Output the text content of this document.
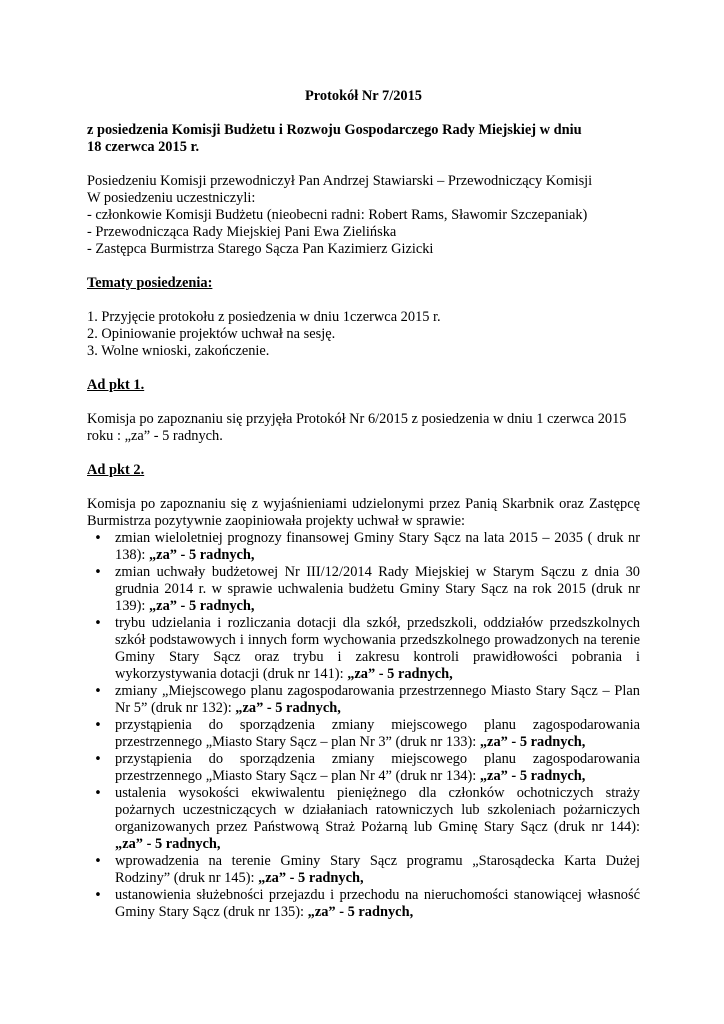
Protokół Nr 7/2015

z posiedzenia Komisji Budżetu i Rozwoju Gospodarczego Rady Miejskiej w dniu
18 czerwca 2015 r.

Posiedzeniu Komisji przewodniczył Pan Andrzej Stawiarski – Przewodniczący Komisji

W posiedzeniu uczestniczyli:

- członkowie Komisji Budżetu (nieobecni radni: Robert Rams, Sławomir Szczepaniak)

- Przewodnicząca Rady Miejskiej Pani Ewa Zielińska

- Zastępca Burmistrza Starego Sącza Pan Kazimierz Gizicki

Tematy posiedzenia:

1. Przyjęcie protokołu z posiedzenia w dniu 1czerwca 2015 r.

2. Opiniowanie projektów uchwał na sesję.

3. Wolne wnioski, zakończenie.

Ad pkt 1.

Komisja po zapoznaniu się przyjęła Protokół Nr 6/2015 z posiedzenia w dniu 1 czerwca 2015
roku : „za” - 5 radnych.

Ad pkt 2.

Komisja po zapoznaniu się z wyjaśnieniami udzielonymi przez Panią Skarbnik oraz Zastępcę Burmistrza pozytywnie zaopiniowała projekty uchwał w sprawie:

• zmian wieloletniej prognozy finansowej Gminy Stary Sącz na lata 2015 – 2035 ( druk nr 138): „za” - 5 radnych,
• zmian uchwały budżetowej Nr III/12/2014 Rady Miejskiej w Starym Sączu z dnia 30 grudnia 2014 r. w sprawie uchwalenia budżetu Gminy Stary Sącz na rok 2015 (druk nr 139): „za” - 5 radnych,
• trybu udzielania i rozliczania dotacji dla szkół, przedszkoli, oddziałów przedszkolnych szkół podstawowych i innych form wychowania przedszkolnego prowadzonych na terenie Gminy Stary Sącz oraz trybu i zakresu kontroli prawidłowości pobrania i wykorzystywania dotacji (druk nr 141): „za” - 5 radnych,
• zmiany „Miejscowego planu zagospodarowania przestrzennego Miasto Stary Sącz – Plan Nr 5” (druk nr 132): „za” - 5 radnych,
• przystąpienia do sporządzenia zmiany miejscowego planu zagospodarowania przestrzennego „Miasto Stary Sącz – plan Nr 3” (druk nr 133): „za” - 5 radnych,
• przystąpienia do sporządzenia zmiany miejscowego planu zagospodarowania przestrzennego „Miasto Stary Sącz – plan Nr 4” (druk nr 134): „za” - 5 radnych,
• ustalenia wysokości ekwiwalentu pieniężnego dla członków ochotniczych straży pożarnych uczestniczących w działaniach ratowniczych lub szkoleniach pożarniczych organizowanych przez Państwową Straż Pożarną lub Gminę Stary Sącz (druk nr 144): „za” - 5 radnych,
• wprowadzenia na terenie Gminy Stary Sącz programu „Starosądecka Karta Dużej Rodziny” (druk nr 145): „za” - 5 radnych,
• ustanowienia służebności przejazdu i przechodu na nieruchomości stanowiącej własność Gminy Stary Sącz (druk nr 135): „za” - 5 radnych,
